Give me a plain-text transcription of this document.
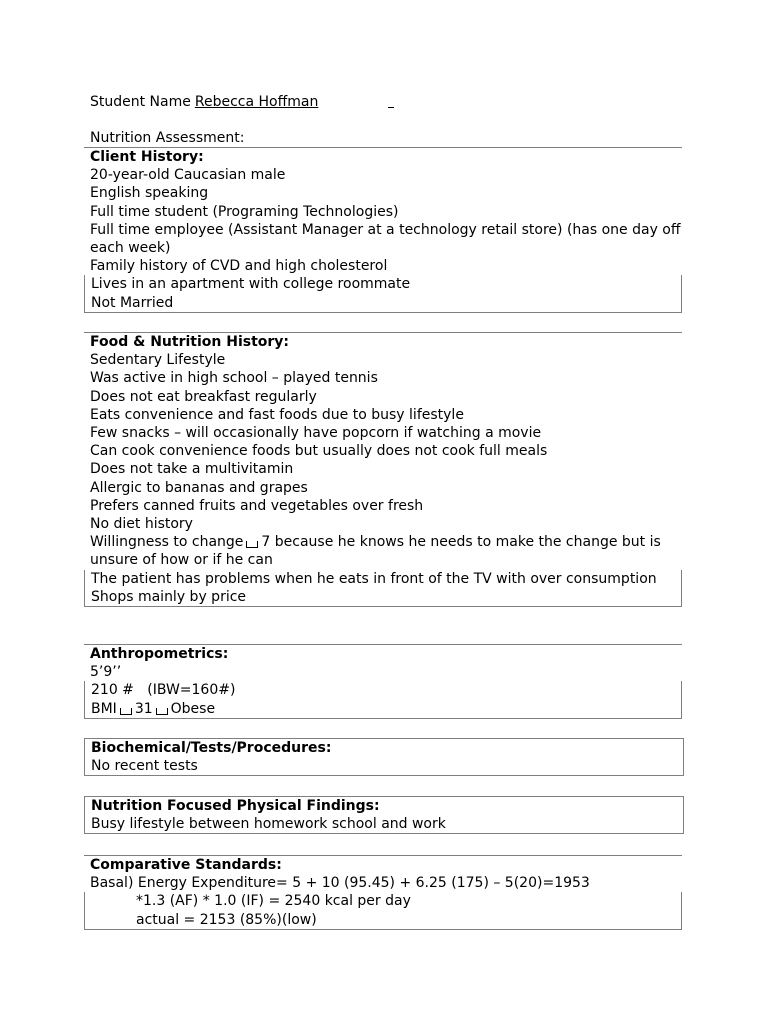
Student Name Rebecca Hoffman
Nutrition Assessment:
Client History:
20-year-old Caucasian male
English speaking
Full time student (Programing Technologies)
Full time employee (Assistant Manager at a technology retail store) (has one day off each week)
Family history of CVD and high cholesterol
Lives in an apartment with college roommate
Not Married
Food & Nutrition History:
Sedentary Lifestyle
Was active in high school – played tennis
Does not eat breakfast regularly
Eats convenience and fast foods due to busy lifestyle
Few snacks – will occasionally have popcorn if watching a movie
Can cook convenience foods but usually does not cook full meals
Does not take a multivitamin
Allergic to bananas and grapes
Prefers canned fruits and vegetables over fresh
No diet history
Willingness to change 7 because he knows he needs to make the change but is unsure of how or if he can
The patient has problems when he eats in front of the TV with over consumption
Shops mainly by price
Anthropometrics:
5’9’’
210 #   (IBW=160#)
BMI 31 Obese
Biochemical/Tests/Procedures:
No recent tests
Nutrition Focused Physical Findings:
Busy lifestyle between homework school and work
Comparative Standards:
Basal) Energy Expenditure= 5 + 10 (95.45) + 6.25 (175) – 5(20)=1953
*1.3 (AF) * 1.0 (IF) = 2540 kcal per day
actual = 2153 (85%)(low)
